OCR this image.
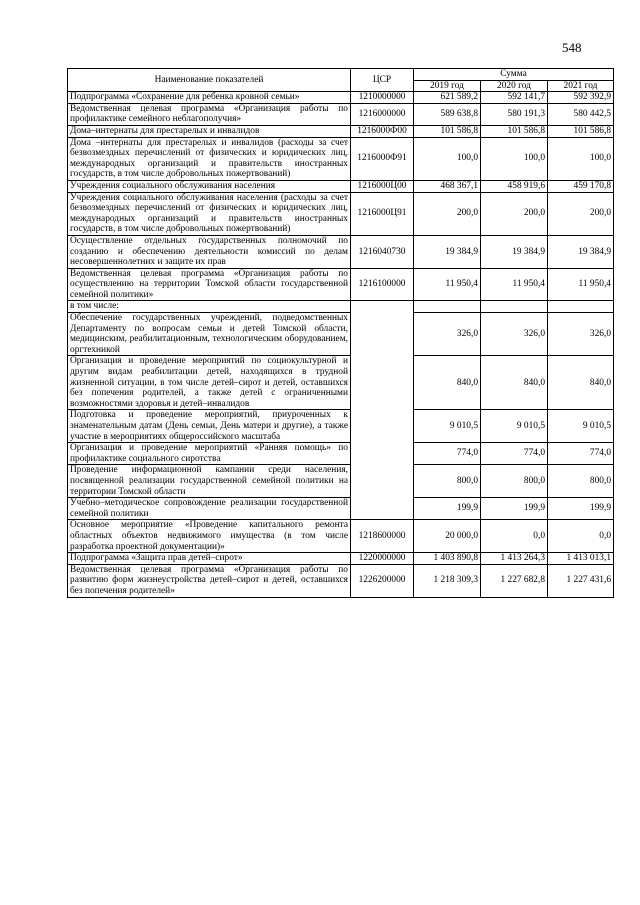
548
Наименование показателей	ЦСР	Сумма		
		2019 год	2020 год	2021 год
Подпрограмма «Сохранение для ребенка кровной семьи»	1210000000	621 589,2	592 141,7	592 392,9
Ведомственная целевая программа «Организация работы по профилактике семейного неблагополучия»	1216000000	589 638,8	580 191,3	580 442,5
Дома–интернаты для престарелых и инвалидов	1216000Ф00	101 586,8	101 586,8	101 586,8
Дома –интернаты для престарелых и инвалидов (расходы за счет безвозмездных перечислений от физических и юридических лиц, международных организаций и правительств иностранных государств, в том числе добровольных пожертвований)	1216000Ф91	100,0	100,0	100,0
Учреждения социального обслуживания населения	1216000Ц00	468 367,1	458 919,6	459 170,8
Учреждения социального обслуживания населения (расходы за счет безвозмездных перечислений от физических и юридических лиц, международных организаций и правительств иностранных государств, в том числе добровольных пожертвований)	1216000Ц91	200,0	200,0	200,0
Осуществление отдельных государственных полномочий по созданию и обеспечению деятельности комиссий по делам несовершеннолетних и защите их прав	1216040730	19 384,9	19 384,9	19 384,9
Ведомственная целевая программа «Организация работы по осуществлению на территории Томской области государственной семейной политики»	1216100000	11 950,4	11 950,4	11 950,4
в том числе:				
Обеспечение государственных учреждений, подведомственных Департаменту по вопросам семьи и детей Томской области, медицинским, реабилитационным, технологическим оборудованием, оргтехникой		326,0	326,0	326,0
Организация и проведение мероприятий по социокультурной и другим видам реабилитации детей, находящихся в трудной жизненной ситуации, в том числе детей–сирот и детей, оставшихся без попечения родителей, а также детей с ограниченными возможностями здоровья и детей–инвалидов		840,0	840,0	840,0
Подготовка и проведение мероприятий, приуроченных к знаменательным датам (День семьи, День матери и другие), а также участие в мероприятиях общероссийского масштаба		9 010,5	9 010,5	9 010,5
Организация и проведение мероприятий «Ранняя помощь» по профилактике социального сиротства		774,0	774,0	774,0
Проведение информационной кампании среди населения, посвященной реализации государственной семейной политики на территории Томской области		800,0	800,0	800,0
Учебно–методическое сопровождение реализации государственной семейной политики		199,9	199,9	199,9
Основное мероприятие «Проведение капитального ремонта областных объектов недвижимого имущества (в том числе разработка проектной документации)»	1218600000	20 000,0	0,0	0,0
Подпрограмма «Защита прав детей–сирот»	1220000000	1 403 890,8	1 413 264,3	1 413 013,1
Ведомственная целевая программа «Организация работы по развитию форм жизнеустройства детей–сирот и детей, оставшихся без попечения родителей»	1226200000	1 218 309,3	1 227 682,8	1 227 431,6
